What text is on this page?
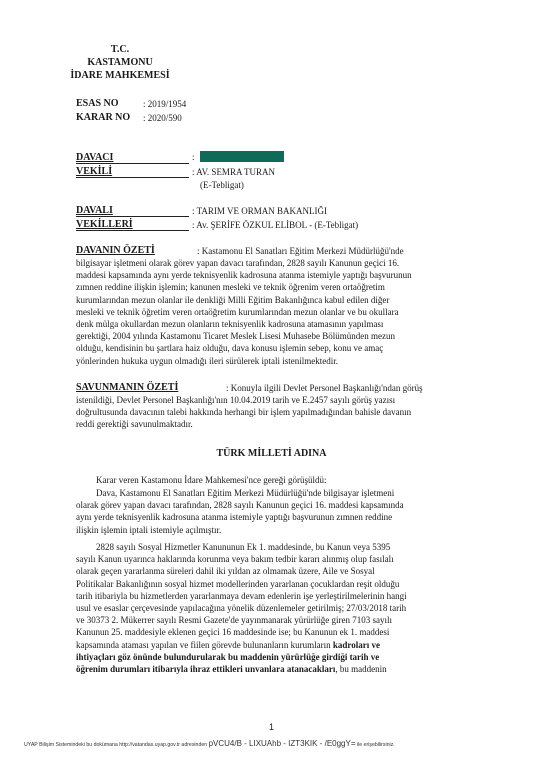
T.C.
KASTAMONU
İDARE MAHKEMESİ
ESAS NO	: 2019/1954
KARAR NO : 2020/590
DAVACI	:
VEKİLİ	: AV. SEMRA TURAN
(E-Tebligat)
DAVALI	: TARIM VE ORMAN BAKANLIĞI
VEKİLLERİ	: Av. ŞERİFE ÖZKUL ELİBOL - (E-Tebligat)
DAVANIN ÖZETİ	: Kastamonu El Sanatları Eğitim Merkezi Müdürlüğü'nde
bilgisayar işletmeni olarak görev yapan davacı tarafından, 2828 sayılı Kanunun geçici 16.
maddesi kapsamında aynı yerde teknisyenlik kadrosuna atanma istemiyle yaptığı başvurunun
zımnen reddine ilişkin işlemin; kanunen mesleki ve teknik öğrenim veren ortaöğretim
kurumlarından mezun olanlar ile denkliği Milli Eğitim Bakanlığınca kabul edilen diğer
mesleki ve teknik öğretim veren ortaöğretim kurumlarından mezun olanlar ve bu okullara
denk mülga okullardan mezun olanların teknisyenlik kadrosuna atamasının yapılması
gerektiği, 2004 yılında Kastamonu Ticaret Meslek Lisesi Muhasebe Bölümünden mezun
olduğu, kendisinin bu şartlara haiz olduğu, dava konusu işlemin sebep, konu ve amaç
yönlerinden hukuka uygun olmadığı ileri sürülerek iptali istenilmektedir.
SAVUNMANIN ÖZETİ	: Konuyla ilgili Devlet Personel Başkanlığı'ndan görüş
istenildiği, Devlet Personel Başkanlığı'nın 10.04.2019 tarih ve E.2457 sayılı görüş yazısı
doğrultusunda davacının talebi hakkında herhangi bir işlem yapılmadığından bahisle davanın
reddi gerektiği savunulmaktadır.
TÜRK MİLLETİ ADINA
Karar veren Kastamonu İdare Mahkemesi'nce gereği görüşüldü:
Dava, Kastamonu El Sanatları Eğitim Merkezi Müdürlüğü'nde bilgisayar işletmeni
olarak görev yapan davacı tarafından, 2828 sayılı Kanunun geçici 16. maddesi kapsamında
aynı yerde teknisyenlik kadrosuna atanma istemiyle yaptığı başvurunun zımnen reddine
ilişkin işlemin iptali istemiyle açılmıştır.
2828 sayılı Sosyal Hizmetler Kanununun Ek 1. maddesinde, bu Kanun veya 5395
sayılı Kanun uyarınca haklarında korunma veya bakım tedbir kararı alınmış olup fasılalı
olarak geçen yararlanma süreleri dahil iki yıldan az olmamak üzere, Aile ve Sosyal
Politikalar Bakanlığının sosyal hizmet modellerinden yararlanan çocuklardan reşit olduğu
tarih itibariyla bu hizmetlerden yararlanmaya devam edenlerin işe yerleştirilmelerinin hangi
usul ve esaslar çerçevesinde yapılacağına yönelik düzenlemeler getirilmiş; 27/03/2018 tarih
ve 30373 2. Mükerrer sayılı Resmi Gazete'de yayınmanarak yürürlüğe giren 7103 sayılı
Kanunun 25. maddesiyle eklenen geçici 16 maddesinde ise; bu Kanunun ek 1. maddesi
kapsamında ataması yapılan ve fiilen görevde bulunanların kurumların kadroları ve
ihtiyaçları göz önünde bulundurularak bu maddenin yürürlüğe girdiği tarih ve
öğrenim durumları itibarıyla ihraz ettikleri unvanlara atanacakları, bu maddenin
1
UYAP Bilişim Sistemindeki bu dokümana http://vatandas.uyap.gov.tr adresinden pVCU4/B - LIXUAhb - IZT3KIK - /E0ggY= ile erişebilirsiniz.
